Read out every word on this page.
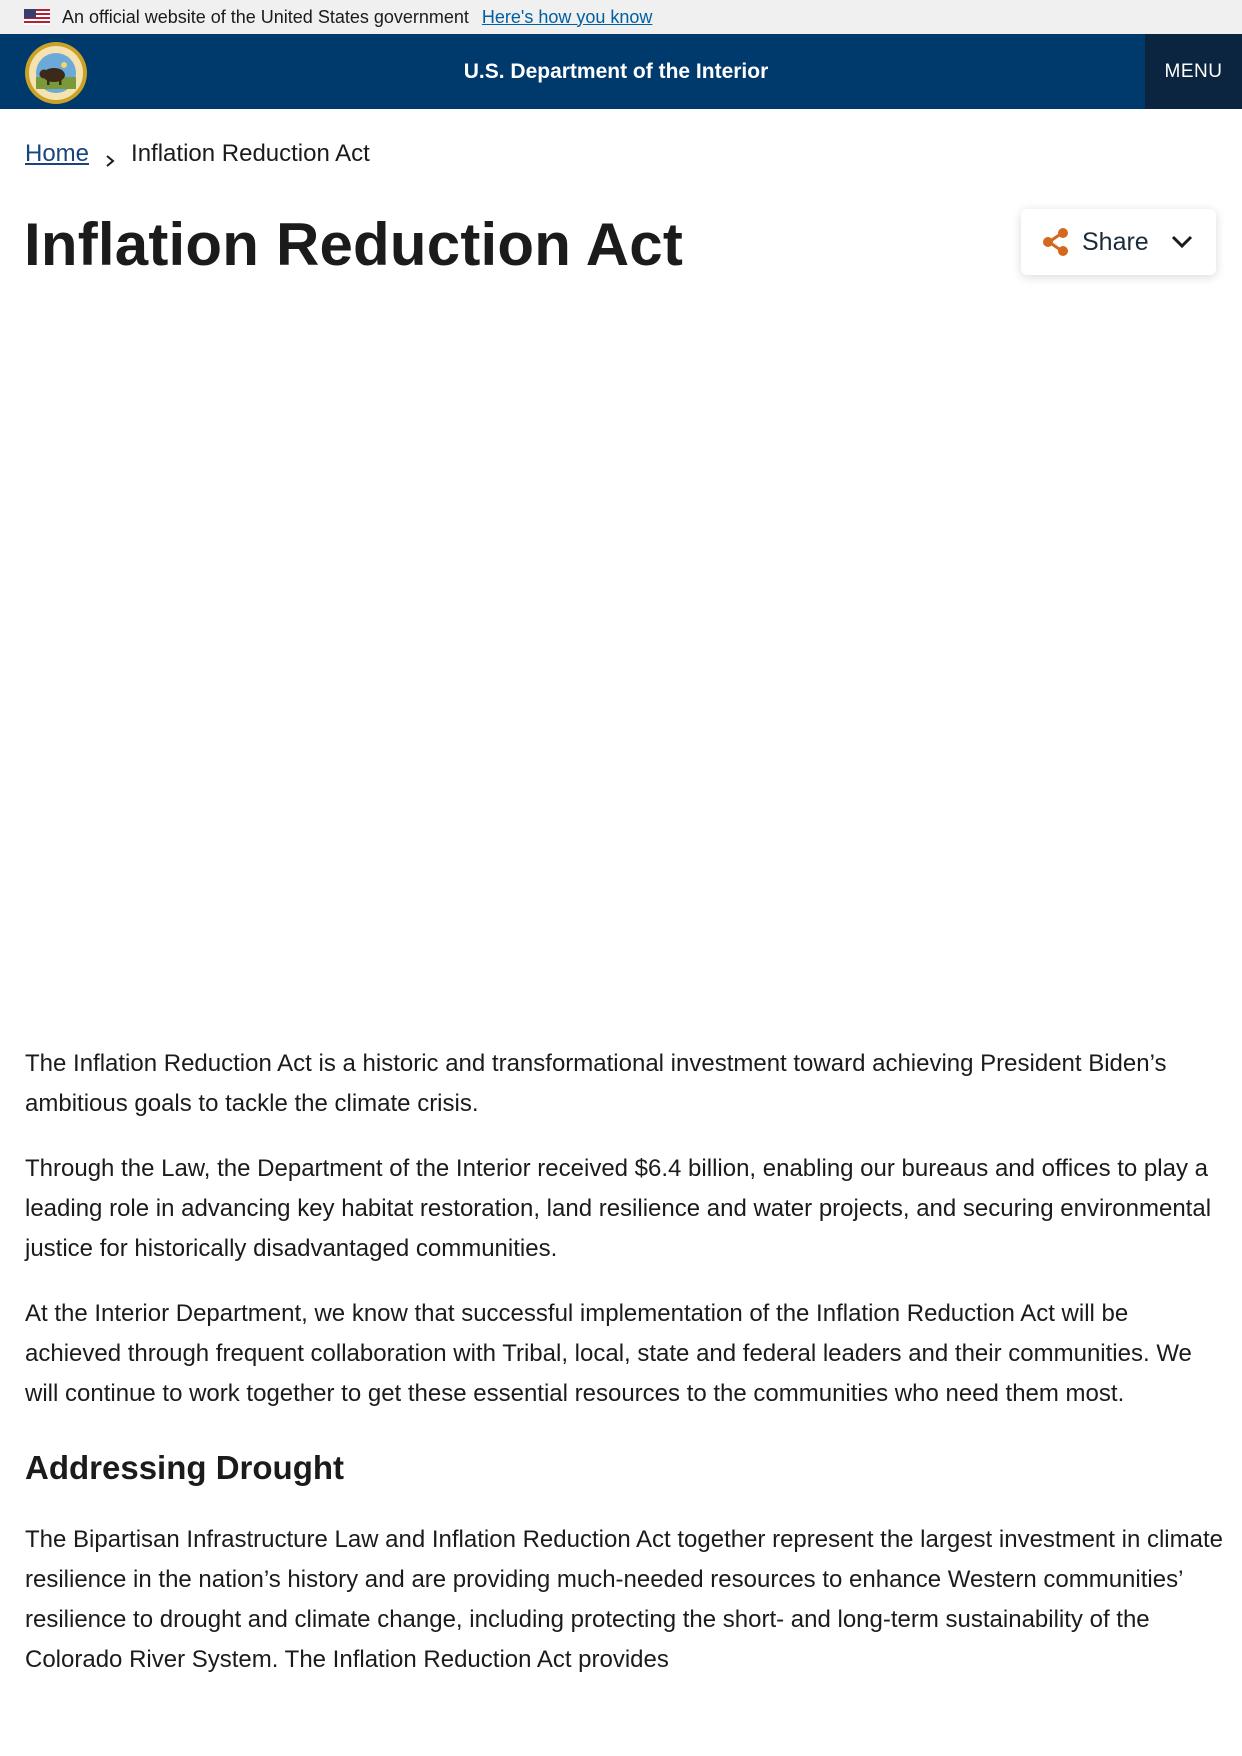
An official website of the United States government Here's how you know
U.S. Department of the Interior	MENU
Home Inflation Reduction Act
Inflation Reduction Act	Share

The Inflation Reduction Act is a historic and transformational investment toward achieving President Biden’s ambitious goals to tackle the climate crisis.

Through the Law, the Department of the Interior received $6.4 billion, enabling our bureaus and offices to play a leading role in advancing key habitat restoration, land resilience and water projects, and securing environmental justice for historically disadvantaged communities.

At the Interior Department, we know that successful implementation of the Inflation Reduction Act will be achieved through frequent collaboration with Tribal, local, state and federal leaders and their communities. We will continue to work together to get these essential resources to the communities who need them most.

Addressing Drought

The Bipartisan Infrastructure Law and Inflation Reduction Act together represent the largest investment in climate resilience in the nation’s history and are providing much-needed resources to enhance Western communities’ resilience to drought and climate change, including protecting the short- and long-term sustainability of the Colorado River System. The Inflation Reduction Act provides
